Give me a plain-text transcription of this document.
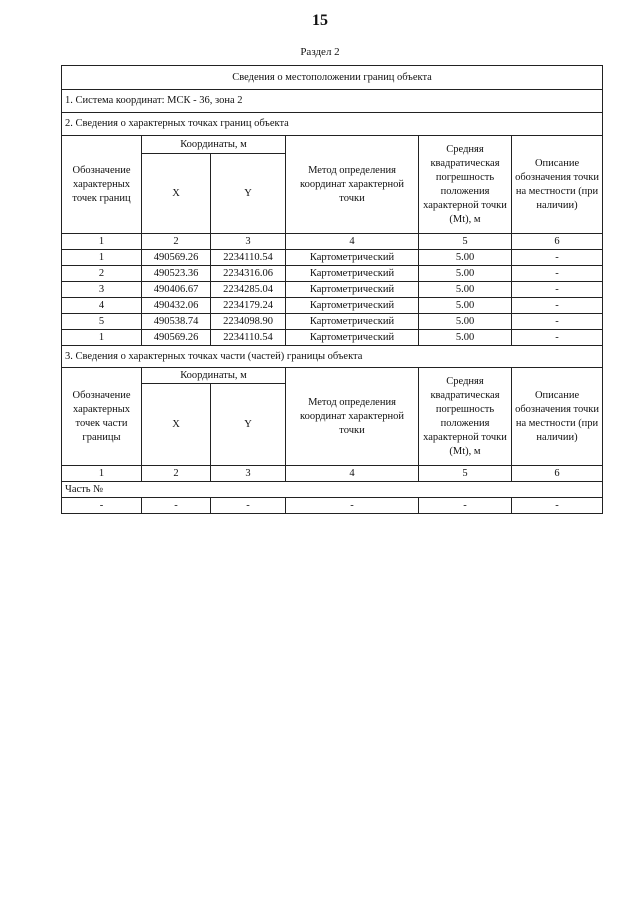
15
Раздел 2
Сведения о местоположении границ объекта					
1. Система координат: МСК - 36, зона 2					
2. Сведения о характерных точках границ объекта					
Обозначение характерных точек границ	Координаты, м		Метод определения координат характерной точки	Средняя квадратическая погрешность положения характерной точки (Mt), м	Описание обозначения точки на местности (при наличии)
	X	Y			
1	2	3	4	5	6
1	490569.26	2234110.54	Картометрический	5.00	-
2	490523.36	2234316.06	Картометрический	5.00	-
3	490406.67	2234285.04	Картометрический	5.00	-
4	490432.06	2234179.24	Картометрический	5.00	-
5	490538.74	2234098.90	Картометрический	5.00	-
1	490569.26	2234110.54	Картометрический	5.00	-
3. Сведения о характерных точках части (частей) границы объекта					
Обозначение характерных точек части границы	Координаты, м		Метод определения координат характерной точки	Средняя квадратическая погрешность положения характерной точки (Mt), м	Описание обозначения точки на местности (при наличии)
	X	Y			
1	2	3	4	5	6
Часть №					
-	-	-	-	-	-
